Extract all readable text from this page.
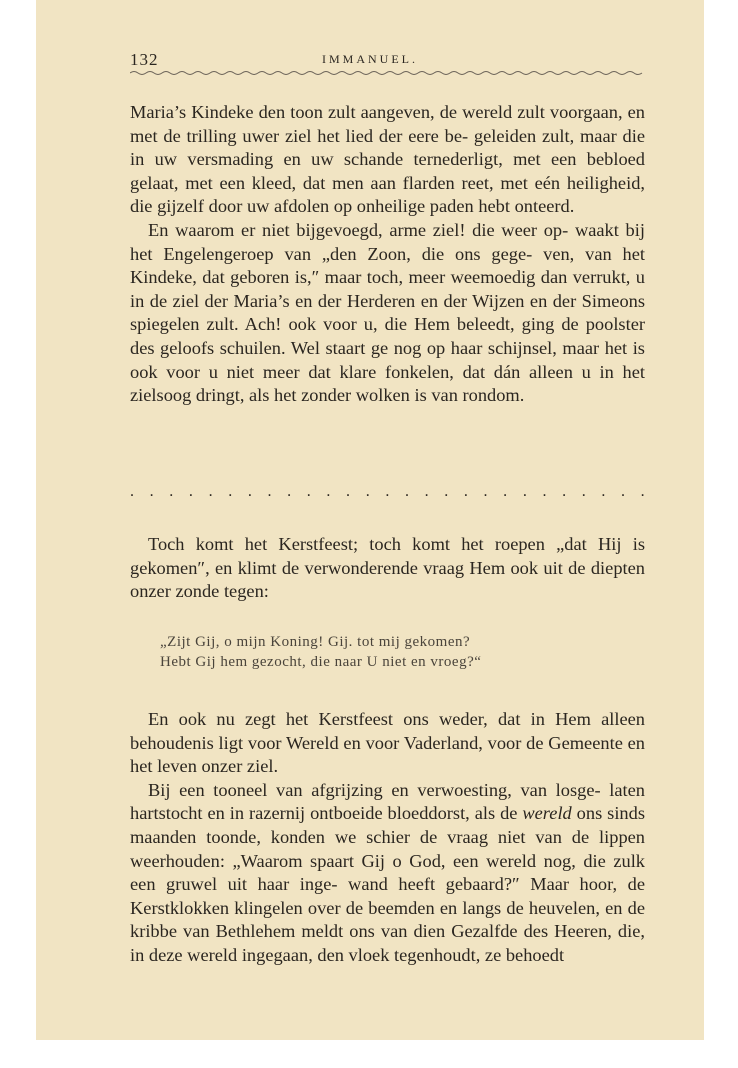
132	IMMANUEL.

Maria’s Kindeke den toon zult aangeven, de wereld zult voorgaan, en met de trilling uwer ziel het lied der eere be- geleiden zult, maar die in uw versmading en uw schande ternederligt, met een bebloed gelaat, met een kleed, dat men aan flarden reet, met eén heiligheid, die gijzelf door uw afdolen op onheilige paden hebt onteerd.

En waarom er niet bijgevoegd, arme ziel! die weer op- waakt bij het Engelengeroep van „den Zoon, die ons gege- ven, van het Kindeke, dat geboren is,″ maar toch, meer weemoedig dan verrukt, u in de ziel der Maria’s en der Herderen en der Wijzen en der Simeons spiegelen zult. Ach! ook voor u, die Hem beleedt, ging de poolster des geloofs schuilen. Wel staart ge nog op haar schijnsel, maar het is ook voor u niet meer dat klare fonkelen, dat dán alleen u in het zielsoog dringt, als het zonder wolken is van rondom.

. . . . . . . . . . . . . . . . . . . . . . . . . . .

Toch komt het Kerstfeest; toch komt het roepen „dat Hij is gekomen″, en klimt de verwonderende vraag Hem ook uit de diepten onzer zonde tegen:

„Zijt Gij, o mijn Koning! Gij. tot mij gekomen?
Hebt Gij hem gezocht, die naar U niet en vroeg?“

En ook nu zegt het Kerstfeest ons weder, dat in Hem alleen behoudenis ligt voor Wereld en voor Vaderland, voor de Gemeente en het leven onzer ziel.

Bij een tooneel van afgrijzing en verwoesting, van losge- laten hartstocht en in razernij ontboeide bloeddorst, als de wereld ons sinds maanden toonde, konden we schier de vraag niet van de lippen weerhouden: „Waarom spaart Gij o God, een wereld nog, die zulk een gruwel uit haar inge- wand heeft gebaard?″ Maar hoor, de Kerstklokken klingelen over de beemden en langs de heuvelen, en de kribbe van Bethlehem meldt ons van dien Gezalfde des Heeren, die, in deze wereld ingegaan, den vloek tegenhoudt, ze behoedt
